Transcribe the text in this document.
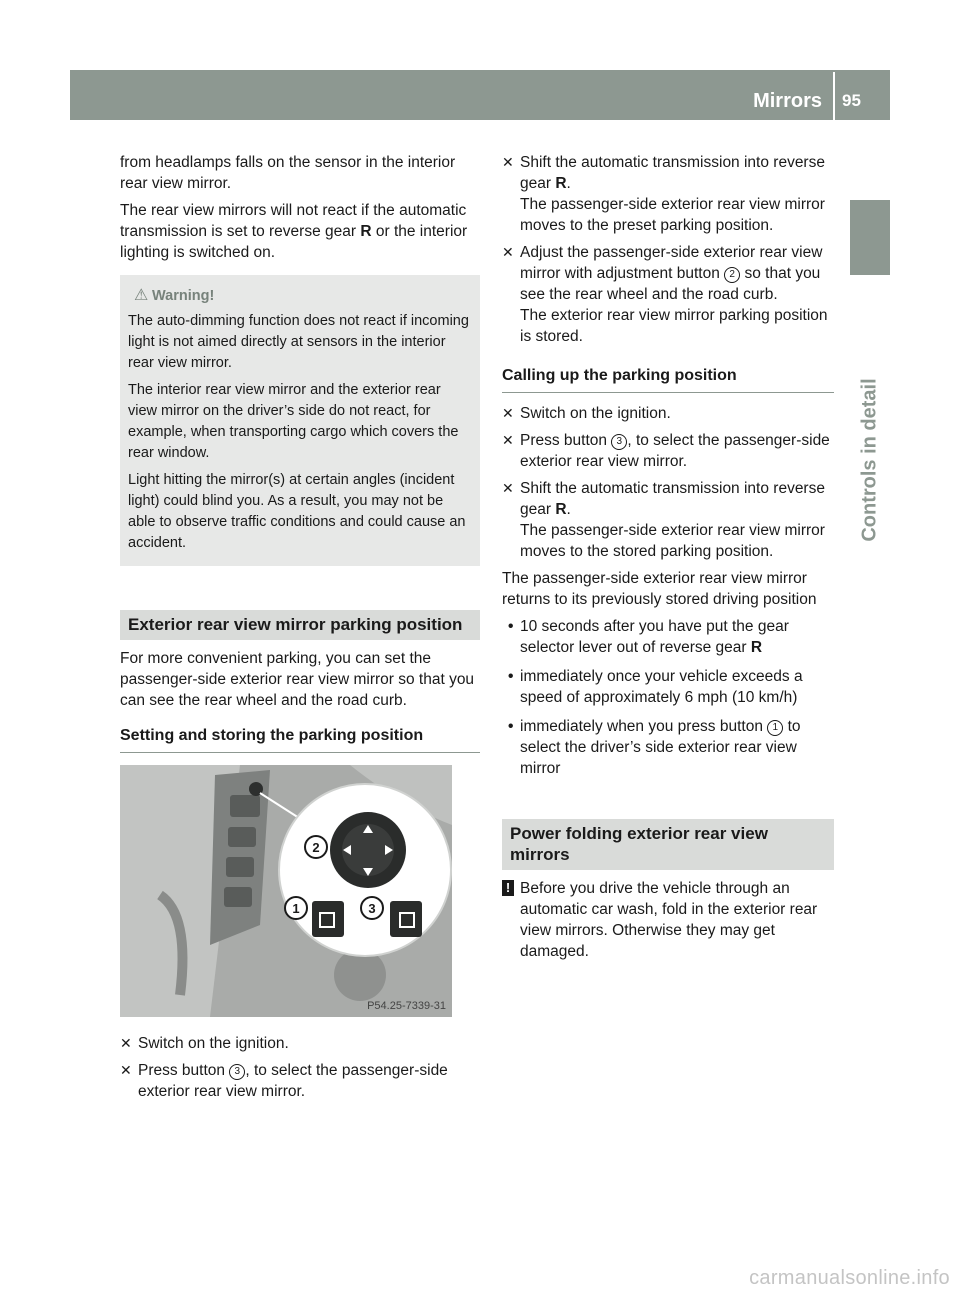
Mirrors	95
Controls in detail

from headlamps falls on the sensor in the interior rear view mirror.

The rear view mirrors will not react if the automatic transmission is set to reverse gear R or the interior lighting is switched on.

⚠ Warning!

The auto-dimming function does not react if incoming light is not aimed directly at sensors in the interior rear view mirror.

The interior rear view mirror and the exterior rear view mirror on the driver’s side do not react, for example, when transporting cargo which covers the rear window.

Light hitting the mirror(s) at certain angles (incident light) could blind you. As a result, you may not be able to observe traffic conditions and could cause an accident.

Exterior rear view mirror parking position

For more convenient parking, you can set the passenger-side exterior rear view mirror so that you can see the rear wheel and the road curb.

Setting and storing the parking position
2
1	3
P54.25-7339-31
✕ Switch on the ignition.
✕ Press button 3 , to select the passenger-side exterior rear view mirror.
✕ Shift the automatic transmission into reverse gear R.
The passenger-side exterior rear view mirror moves to the preset parking position.
✕ Adjust the passenger-side exterior rear view mirror with adjustment button 2 so that you see the rear wheel and the road curb.
The exterior rear view mirror parking position is stored.
Calling up the parking position
✕ Switch on the ignition.
✕ Press button 3 , to select the passenger-side exterior rear view mirror.
✕ Shift the automatic transmission into reverse gear R.
The passenger-side exterior rear view mirror moves to the stored parking position.

The passenger-side exterior rear view mirror returns to its previously stored driving position

• 10 seconds after you have put the gear selector lever out of reverse gear R
• immediately once your vehicle exceeds a speed of approximately 6 mph (10 km/h)
• immediately when you press button 1 to select the driver’s side exterior rear view mirror
Power folding exterior rear view mirrors
! Before you drive the vehicle through an automatic car wash, fold in the exterior rear view mirrors. Otherwise they may get damaged.
carmanualsonline.info
